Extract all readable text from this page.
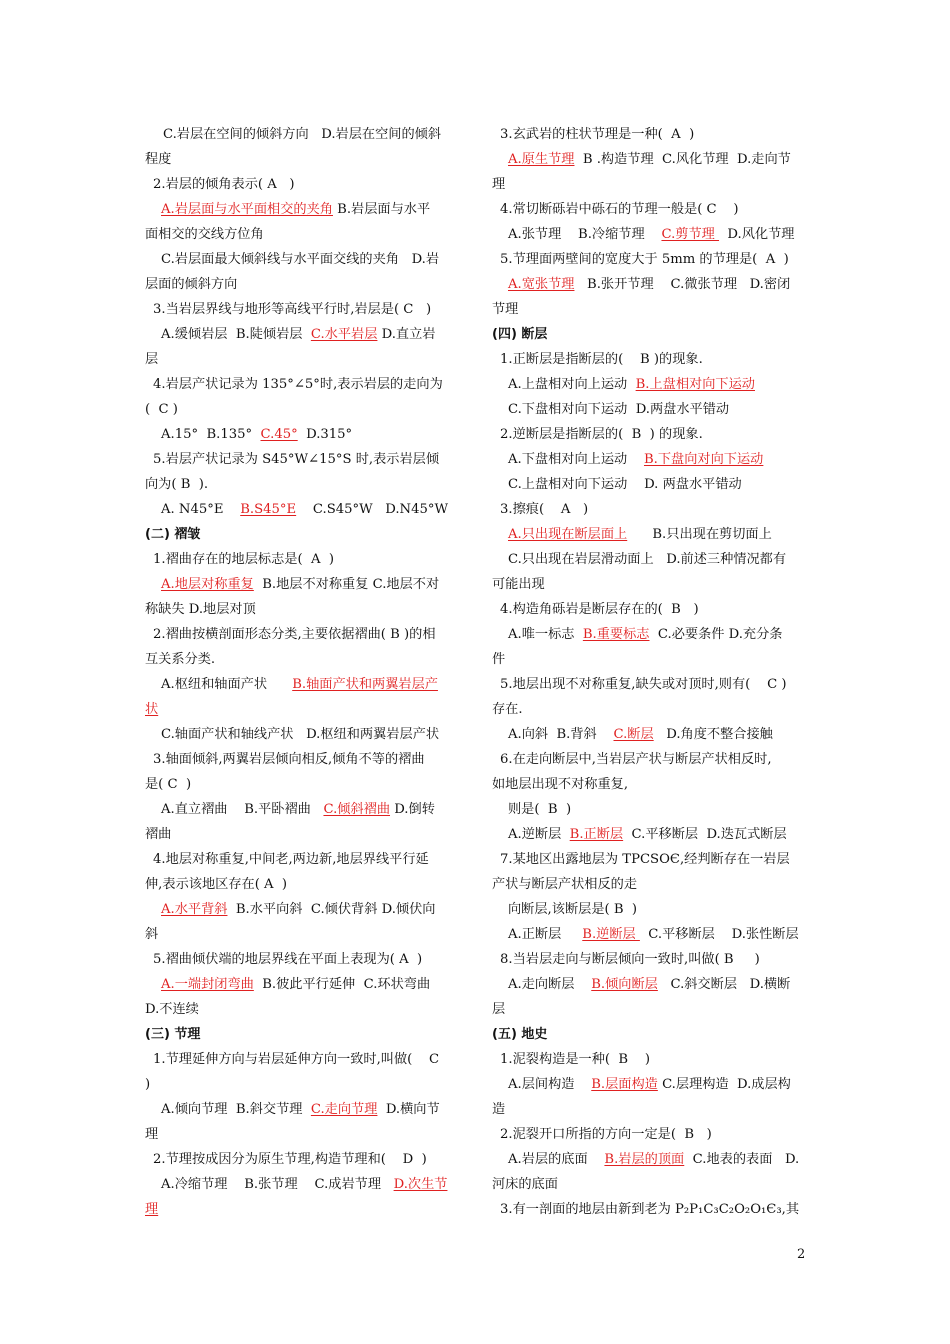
C.岩层在空间的倾斜方向   D.岩层在空间的倾斜
程度
2.岩层的倾角表示( A   )
A.岩层面与水平面相交的夹角 B.岩层面与水平
面相交的交线方位角
C.岩层面最大倾斜线与水平面交线的夹角   D.岩
层面的倾斜方向
3.当岩层界线与地形等高线平行时,岩层是( C   )
A.缓倾岩层  B.陡倾岩层  C.水平岩层 D.直立岩
层
4.岩层产状记录为 135°∠5°时,表示岩层的走向为
(  C )
A.15°  B.135°  C.45°  D.315°
5.岩层产状记录为 S45°W∠15°S 时,表示岩层倾
向为( B  ).
A. N45°E    B.S45°E    C.S45°W   D.N45°W
(二) 褶皱
1.褶曲存在的地层标志是(  A  )
A.地层对称重复  B.地层不对称重复 C.地层不对
称缺失 D.地层对顶
2.褶曲按横剖面形态分类,主要依据褶曲( B )的相
互关系分类.
A.枢纽和轴面产状      B.轴面产状和两翼岩层产
状
C.轴面产状和轴线产状   D.枢纽和两翼岩层产状
3.轴面倾斜,两翼岩层倾向相反,倾角不等的褶曲
是( C  )
A.直立褶曲    B.平卧褶曲   C.倾斜褶曲 D.倒转
褶曲
4.地层对称重复,中间老,两边新,地层界线平行延
伸,表示该地区存在( A  )
A.水平背斜  B.水平向斜  C.倾伏背斜 D.倾伏向
斜
5.褶曲倾伏端的地层界线在平面上表现为( A  )
A.一端封闭弯曲  B.彼此平行延伸  C.环状弯曲
D.不连续
(三) 节理
1.节理延伸方向与岩层延伸方向一致时,叫做(    C
)
A.倾向节理  B.斜交节理  C.走向节理  D.横向节
理
2.节理按成因分为原生节理,构造节理和(    D  )
A.冷缩节理    B.张节理    C.成岩节理   D.次生节
理
3.玄武岩的柱状节理是一种(  A  )
A.原生节理  B .构造节理  C.风化节理  D.走向节
理
4.常切断砾岩中砾石的节理一般是( C    )
A.张节理    B.冷缩节理    C.剪节理   D.风化节理
5.节理面两壁间的宽度大于 5mm 的节理是(  A  )
A.宽张节理   B.张开节理    C.微张节理   D.密闭
节理
(四) 断层
1.正断层是指断层的(    B )的现象.
A.上盘相对向上运动  B.上盘相对向下运动
C.下盘相对向下运动  D.两盘水平错动
2.逆断层是指断层的(  B  ) 的现象.
A.下盘相对向上运动    B.下盘向对向下运动
C.上盘相对向下运动    D. 两盘水平错动
3.擦痕(    A   )
A.只出现在断层面上      B.只出现在剪切面上
C.只出现在岩层滑动面上   D.前述三种情况都有
可能出现
4.构造角砾岩是断层存在的(  B   )
A.唯一标志  B.重要标志  C.必要条件 D.充分条
件
5.地层出现不对称重复,缺失或对顶时,则有(    C )
存在.
A.向斜  B.背斜    C.断层   D.角度不整合接触
6.在走向断层中,当岩层产状与断层产状相反时,
如地层出现不对称重复,
则是(  B  )
A.逆断层  B.正断层  C.平移断层  D.迭瓦式断层
7.某地区出露地层为 TPCSOЄ,经判断存在一岩层
产状与断层产状相反的走
向断层,该断层是( B  )
A.正断层     B.逆断层   C.平移断层    D.张性断层
8.当岩层走向与断层倾向一致时,叫做( B     )
A.走向断层    B.倾向断层   C.斜交断层   D.横断
层
(五) 地史
1.泥裂构造是一种(  B    )
A.层间构造    B.层面构造 C.层理构造  D.成层构
造
2.泥裂开口所指的方向一定是(  B   )
A.岩层的底面    B.岩层的顶面  C.地表的表面   D.
河床的底面
3.有一剖面的地层由新到老为 P₂P₁C₃C₂O₂O₁Є₃,其
2
